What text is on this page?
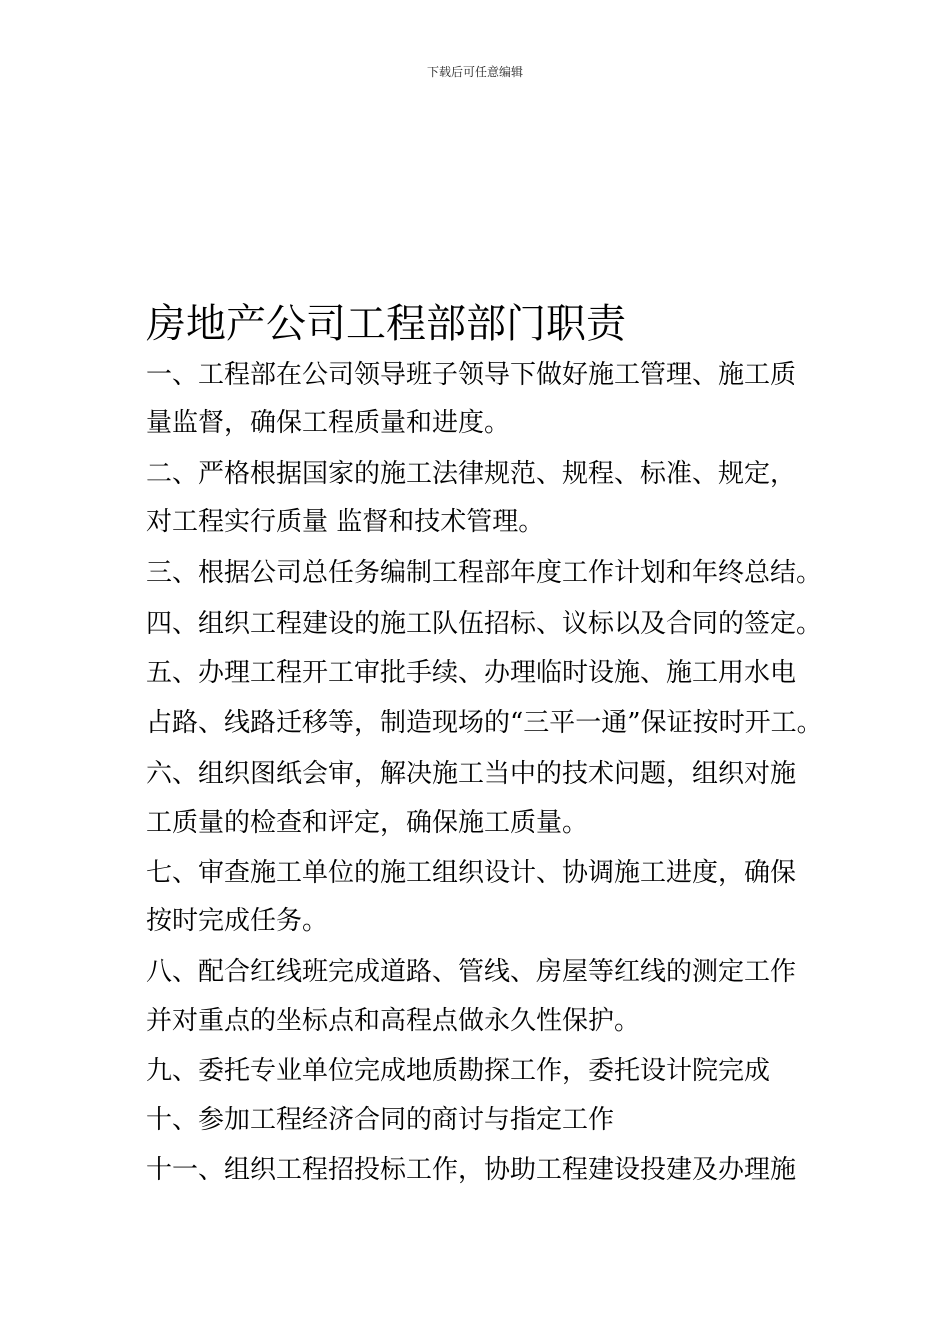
下载后可任意编辑
房地产公司工程部部门职责
一、工程部在公司领导班子领导下做好施工管理、施工质
量监督，确保工程质量和进度。
二、严格根据国家的施工法律规范、规程、标准、规定，
对工程实行质量 监督和技术管理。
三、根据公司总任务编制工程部年度工作计划和年终总结。
四、组织工程建设的施工队伍招标、议标以及合同的签定。
五、办理工程开工审批手续、办理临时设施、施工用水电
占路、线路迁移等，制造现场的“三平一通”保证按时开工。
六、组织图纸会审，解决施工当中的技术问题，组织对施
工质量的检查和评定，确保施工质量。
七、审查施工单位的施工组织设计、协调施工进度，确保
按时完成任务。
八、配合红线班完成道路、管线、房屋等红线的测定工作
并对重点的坐标点和高程点做永久性保护。
九、委托专业单位完成地质勘探工作，委托设计院完成
十、参加工程经济合同的商讨与指定工作
十一、组织工程招投标工作，协助工程建设投建及办理施
